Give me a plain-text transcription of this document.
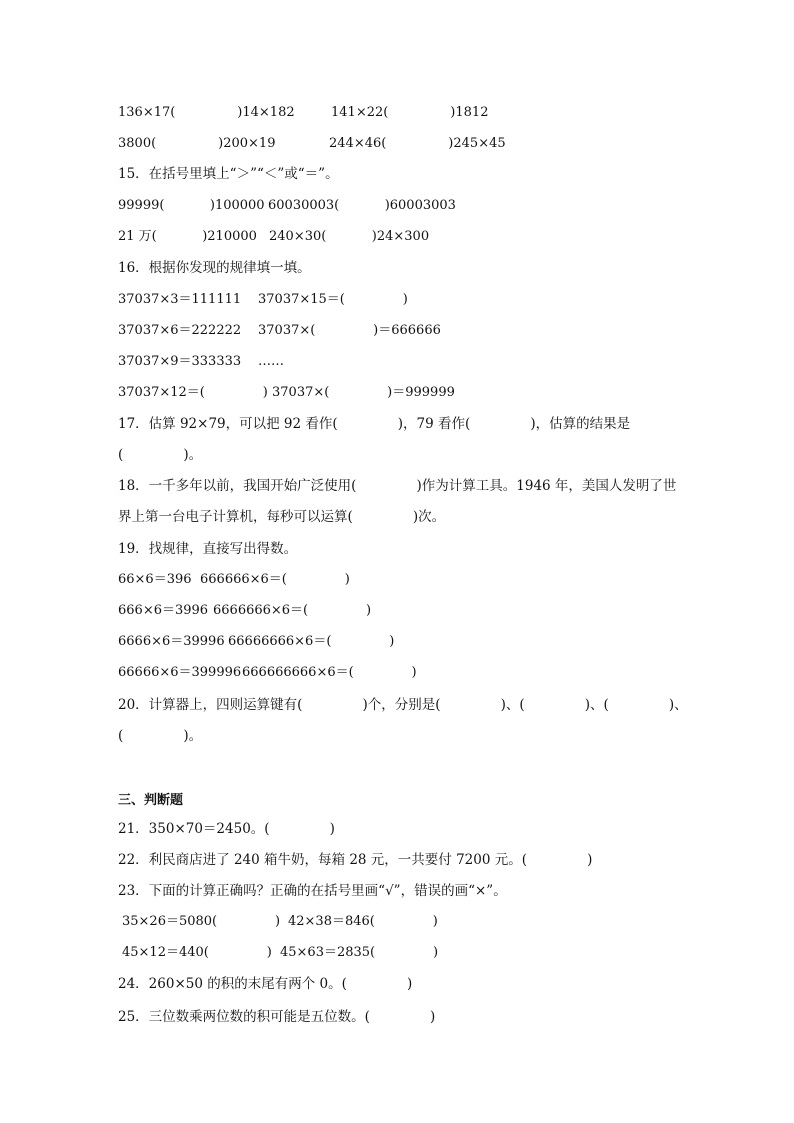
136×17(               )14×182

	141×22(               )1812

3800(               )200×19

	244×46(               )245×45

15．在括号里填上“＞”“＜”或“＝”。

99999(           )100000

60030003(           )60003003

21 万(           )210000

240×30(           )24×300

16．根据你发现的规律填一填。

37037×3＝111111

37037×15＝(              )

37037×6＝222222

37037×(              )＝666666

37037×9＝333333

……

37037×12＝(              )

37037×(              )＝999999

17．估算 92×79，可以把 92 看作(              )，79 看作(              )，估算的结果是
(              )。
18．一千多年以前，我国开始广泛使用(              )作为计算工具。1946 年，美国人发明了世
界上第一台电子计算机，每秒可以运算(              )次。
19．找规律，直接写出得数。

66×6＝396

666666×6＝(              )

666×6＝3996

6666666×6＝(              )

6666×6＝39996

66666666×6＝(              )

66666×6＝399996

666666666×6＝(              )

20．计算器上，四则运算键有(              )个，分别是(              )、(              )、(              )、
(              )。
三、判断题
21．350×70＝2450。(              )
22．利民商店进了 240 箱牛奶，每箱 28 元，一共要付 7200 元。(              )
23．下面的计算正确吗？正确的在括号里画“√”，错误的画“×”。

35×26＝5080(              )

42×38＝846(              )

45×12＝440(              )

45×63＝2835(              )

24．260×50 的积的末尾有两个 0。(              )
25．三位数乘两位数的积可能是五位数。(              )
